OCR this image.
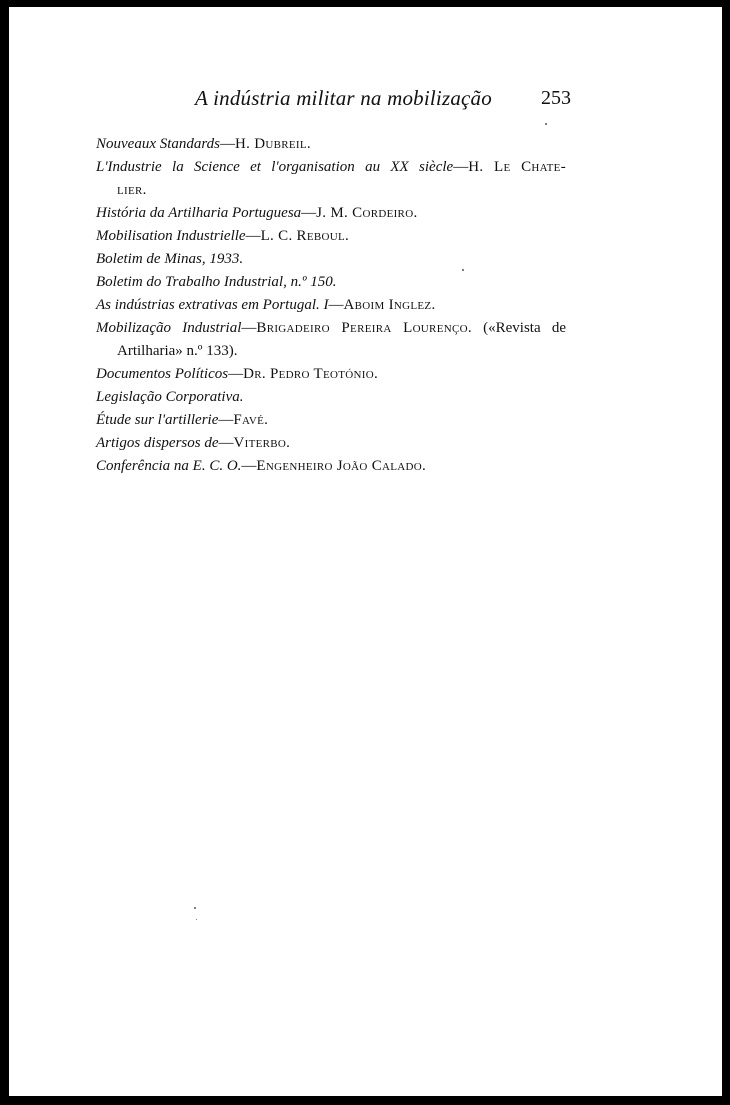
A indústria militar na mobilização 253
Nouveaux Standards—H. Dubreil.
L'Industrie la Science et l'organisation au XX siècle—H. Le Chate-
lier.
História da Artilharia Portuguesa—J. M. Cordeiro.
Mobilisation Industrielle—L. C. Reboul.
Boletim de Minas, 1933.
Boletim do Trabalho Industrial, n.º 150.
As indústrias extrativas em Portugal. I—Aboim Inglez.
Mobilização Industrial—Brigadeiro Pereira Lourenço. («Revista de
Artilharia» n.º 133).
Documentos Políticos—Dr. Pedro Teotónio.
Legislação Corporativa.
Étude sur l'artillerie—Favé.
Artigos dispersos de—Viterbo.
Conferência na E. C. O.—Engenheiro João Calado.
